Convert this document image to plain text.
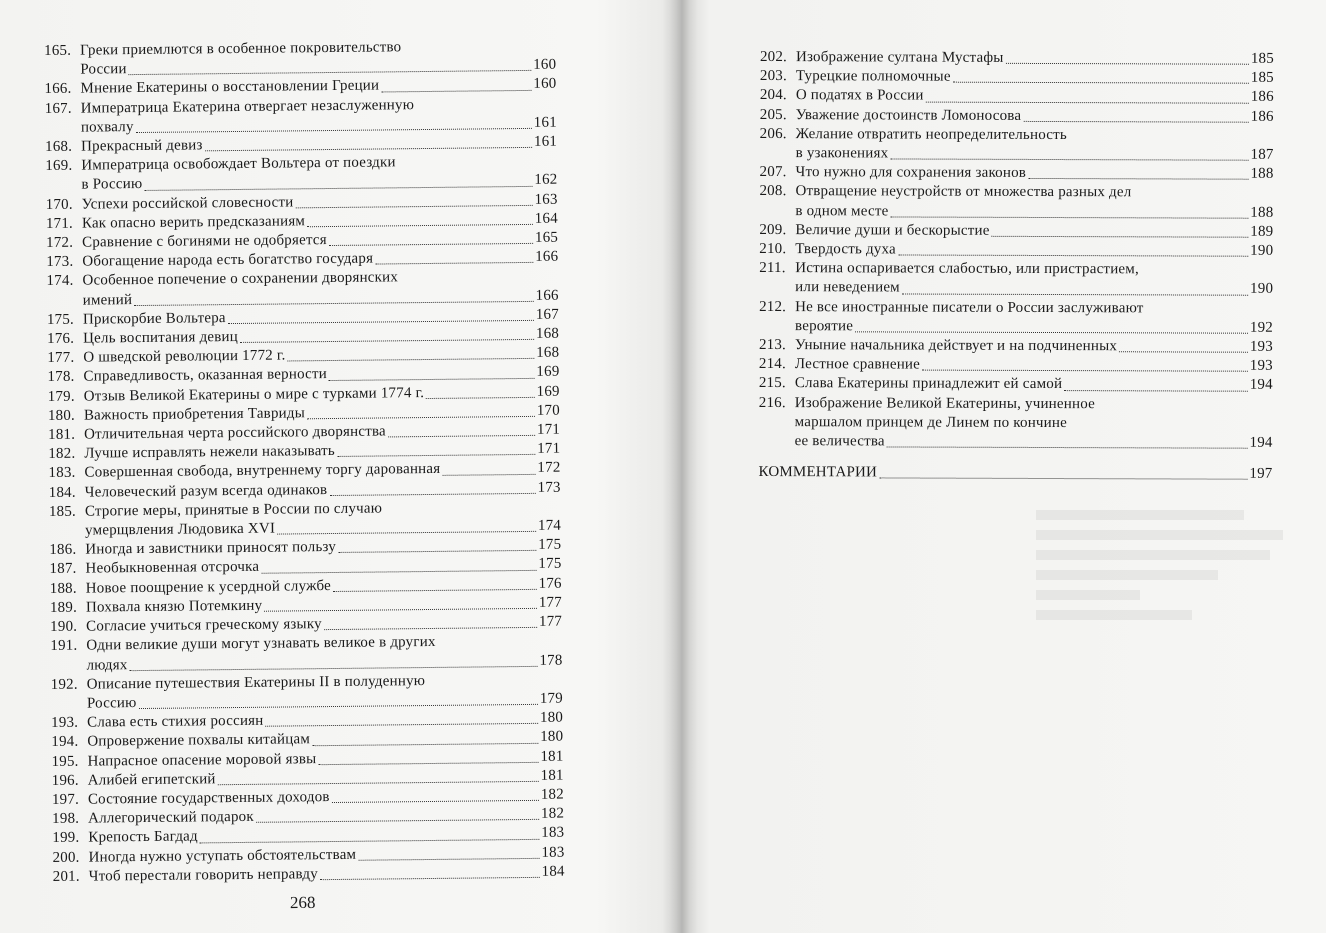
165. Греки приемлются в особенное покровительство
России	160
166. Мнение Екатерины о восстановлении Греции	160
167. Императрица Екатерина отвергает незаслуженную
похвалу	161
168. Прекрасный девиз	161
169. Императрица освобождает Вольтера от поездки
в Россию	162
170. Успехи российской словесности	163
171. Как опасно верить предсказаниям	164
172. Сравнение с богинями не одобряется	165
173. Обогащение народа есть богатство государя	166
174. Особенное попечение о сохранении дворянских
имений	166
175. Прискорбие Вольтера	167
176. Цель воспитания девиц	168
177. О шведской революции 1772 г.	168
178. Справедливость, оказанная верности	169
179. Отзыв Великой Екатерины о мире с турками 1774 г.	169
180. Важность приобретения Тавриды	170
181. Отличительная черта российского дворянства	171
182. Лучше исправлять нежели наказывать	171
183. Совершенная свобода, внутреннему торгу дарованная	172
184. Человеческий разум всегда одинаков	173
185. Строгие меры, принятые в России по случаю
умерщвления Людовика XVI	174
186. Иногда и завистники приносят пользу	175
187. Необыкновенная отсрочка	175
188. Новое поощрение к усердной службе	176
189. Похвала князю Потемкину	177
190. Согласие учиться греческому языку	177
191. Одни великие души могут узнавать великое в других
людях	178
192. Описание путешествия Екатерины II в полуденную
Россию	179
193. Слава есть стихия россиян	180
194. Опровержение похвалы китайцам	180
195. Напрасное опасение моровой язвы	181
196. Алибей египетский	181
197. Состояние государственных доходов	182
198. Аллегорический подарок	182
199. Крепость Багдад	183
200. Иногда нужно уступать обстоятельствам	183
201. Чтоб перестали говорить неправду	184
268
202. Изображение султана Мустафы	185
203. Турецкие полномочные	185
204. О податях в России	186
205. Уважение достоинств Ломоносова	186
206. Желание отвратить неопределительность
в узаконениях	187
207. Что нужно для сохранения законов	188
208. Отвращение неустройств от множества разных дел
в одном месте	188
209. Величие души и бескорыстие	189
210. Твердость духа	190
211. Истина оспаривается слабостью, или пристрастием,
или неведением	190
212. Не все иностранные писатели о России заслуживают
вероятие	192
213. Уныние начальника действует и на подчиненных	193
214. Лестное сравнение	193
215. Слава Екатерины принадлежит ей самой	194
216. Изображение Великой Екатерины, учиненное
маршалом принцем де Линем по кончине
ее величества	194
КОММЕНТАРИИ	197
